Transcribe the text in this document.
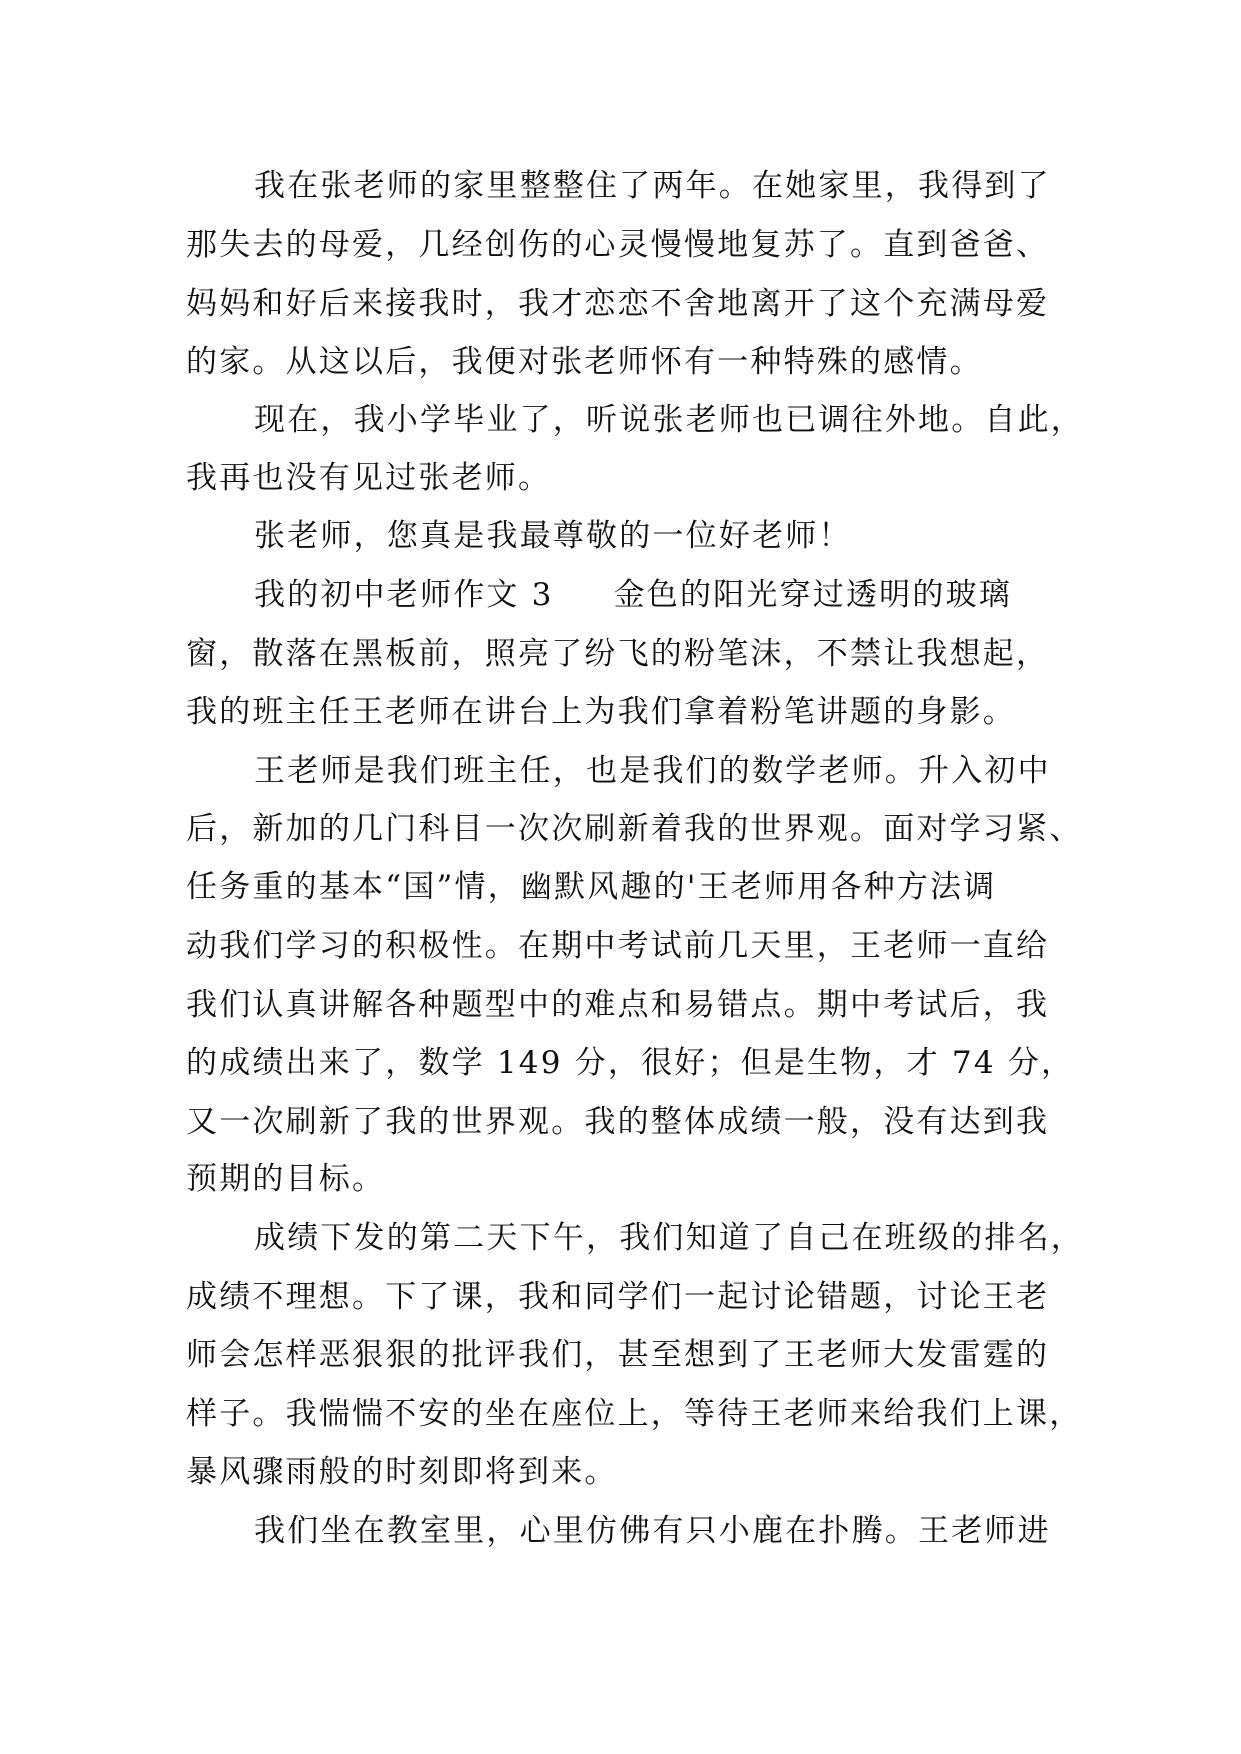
我在张老师的家里整整住了两年。在她家里，我得到了
那失去的母爱，几经创伤的心灵慢慢地复苏了。直到爸爸、
妈妈和好后来接我时，我才恋恋不舍地离开了这个充满母爱
的家。从这以后，我便对张老师怀有一种特殊的感情。
现在，我小学毕业了，听说张老师也已调往外地。自此，
我再也没有见过张老师。
张老师，您真是我最尊敬的一位好老师！
我的初中老师作文 3 金色的阳光穿过透明的玻璃
窗，散落在黑板前，照亮了纷飞的粉笔沫，不禁让我想起，
我的班主任王老师在讲台上为我们拿着粉笔讲题的身影。
王老师是我们班主任，也是我们的数学老师。升入初中
后，新加的几门科目一次次刷新着我的世界观。面对学习紧、
任务重的基本“国”情，幽默风趣的'王老师用各种方法调
动我们学习的积极性。在期中考试前几天里，王老师一直给
我们认真讲解各种题型中的难点和易错点。期中考试后，我
的成绩出来了，数学 149 分，很好；但是生物，才 74 分，
又一次刷新了我的世界观。我的整体成绩一般，没有达到我
预期的目标。
成绩下发的第二天下午，我们知道了自己在班级的排名，
成绩不理想。下了课，我和同学们一起讨论错题，讨论王老
师会怎样恶狠狠的批评我们，甚至想到了王老师大发雷霆的
样子。我惴惴不安的坐在座位上，等待王老师来给我们上课，
暴风骤雨般的时刻即将到来。
我们坐在教室里，心里仿佛有只小鹿在扑腾。王老师进
